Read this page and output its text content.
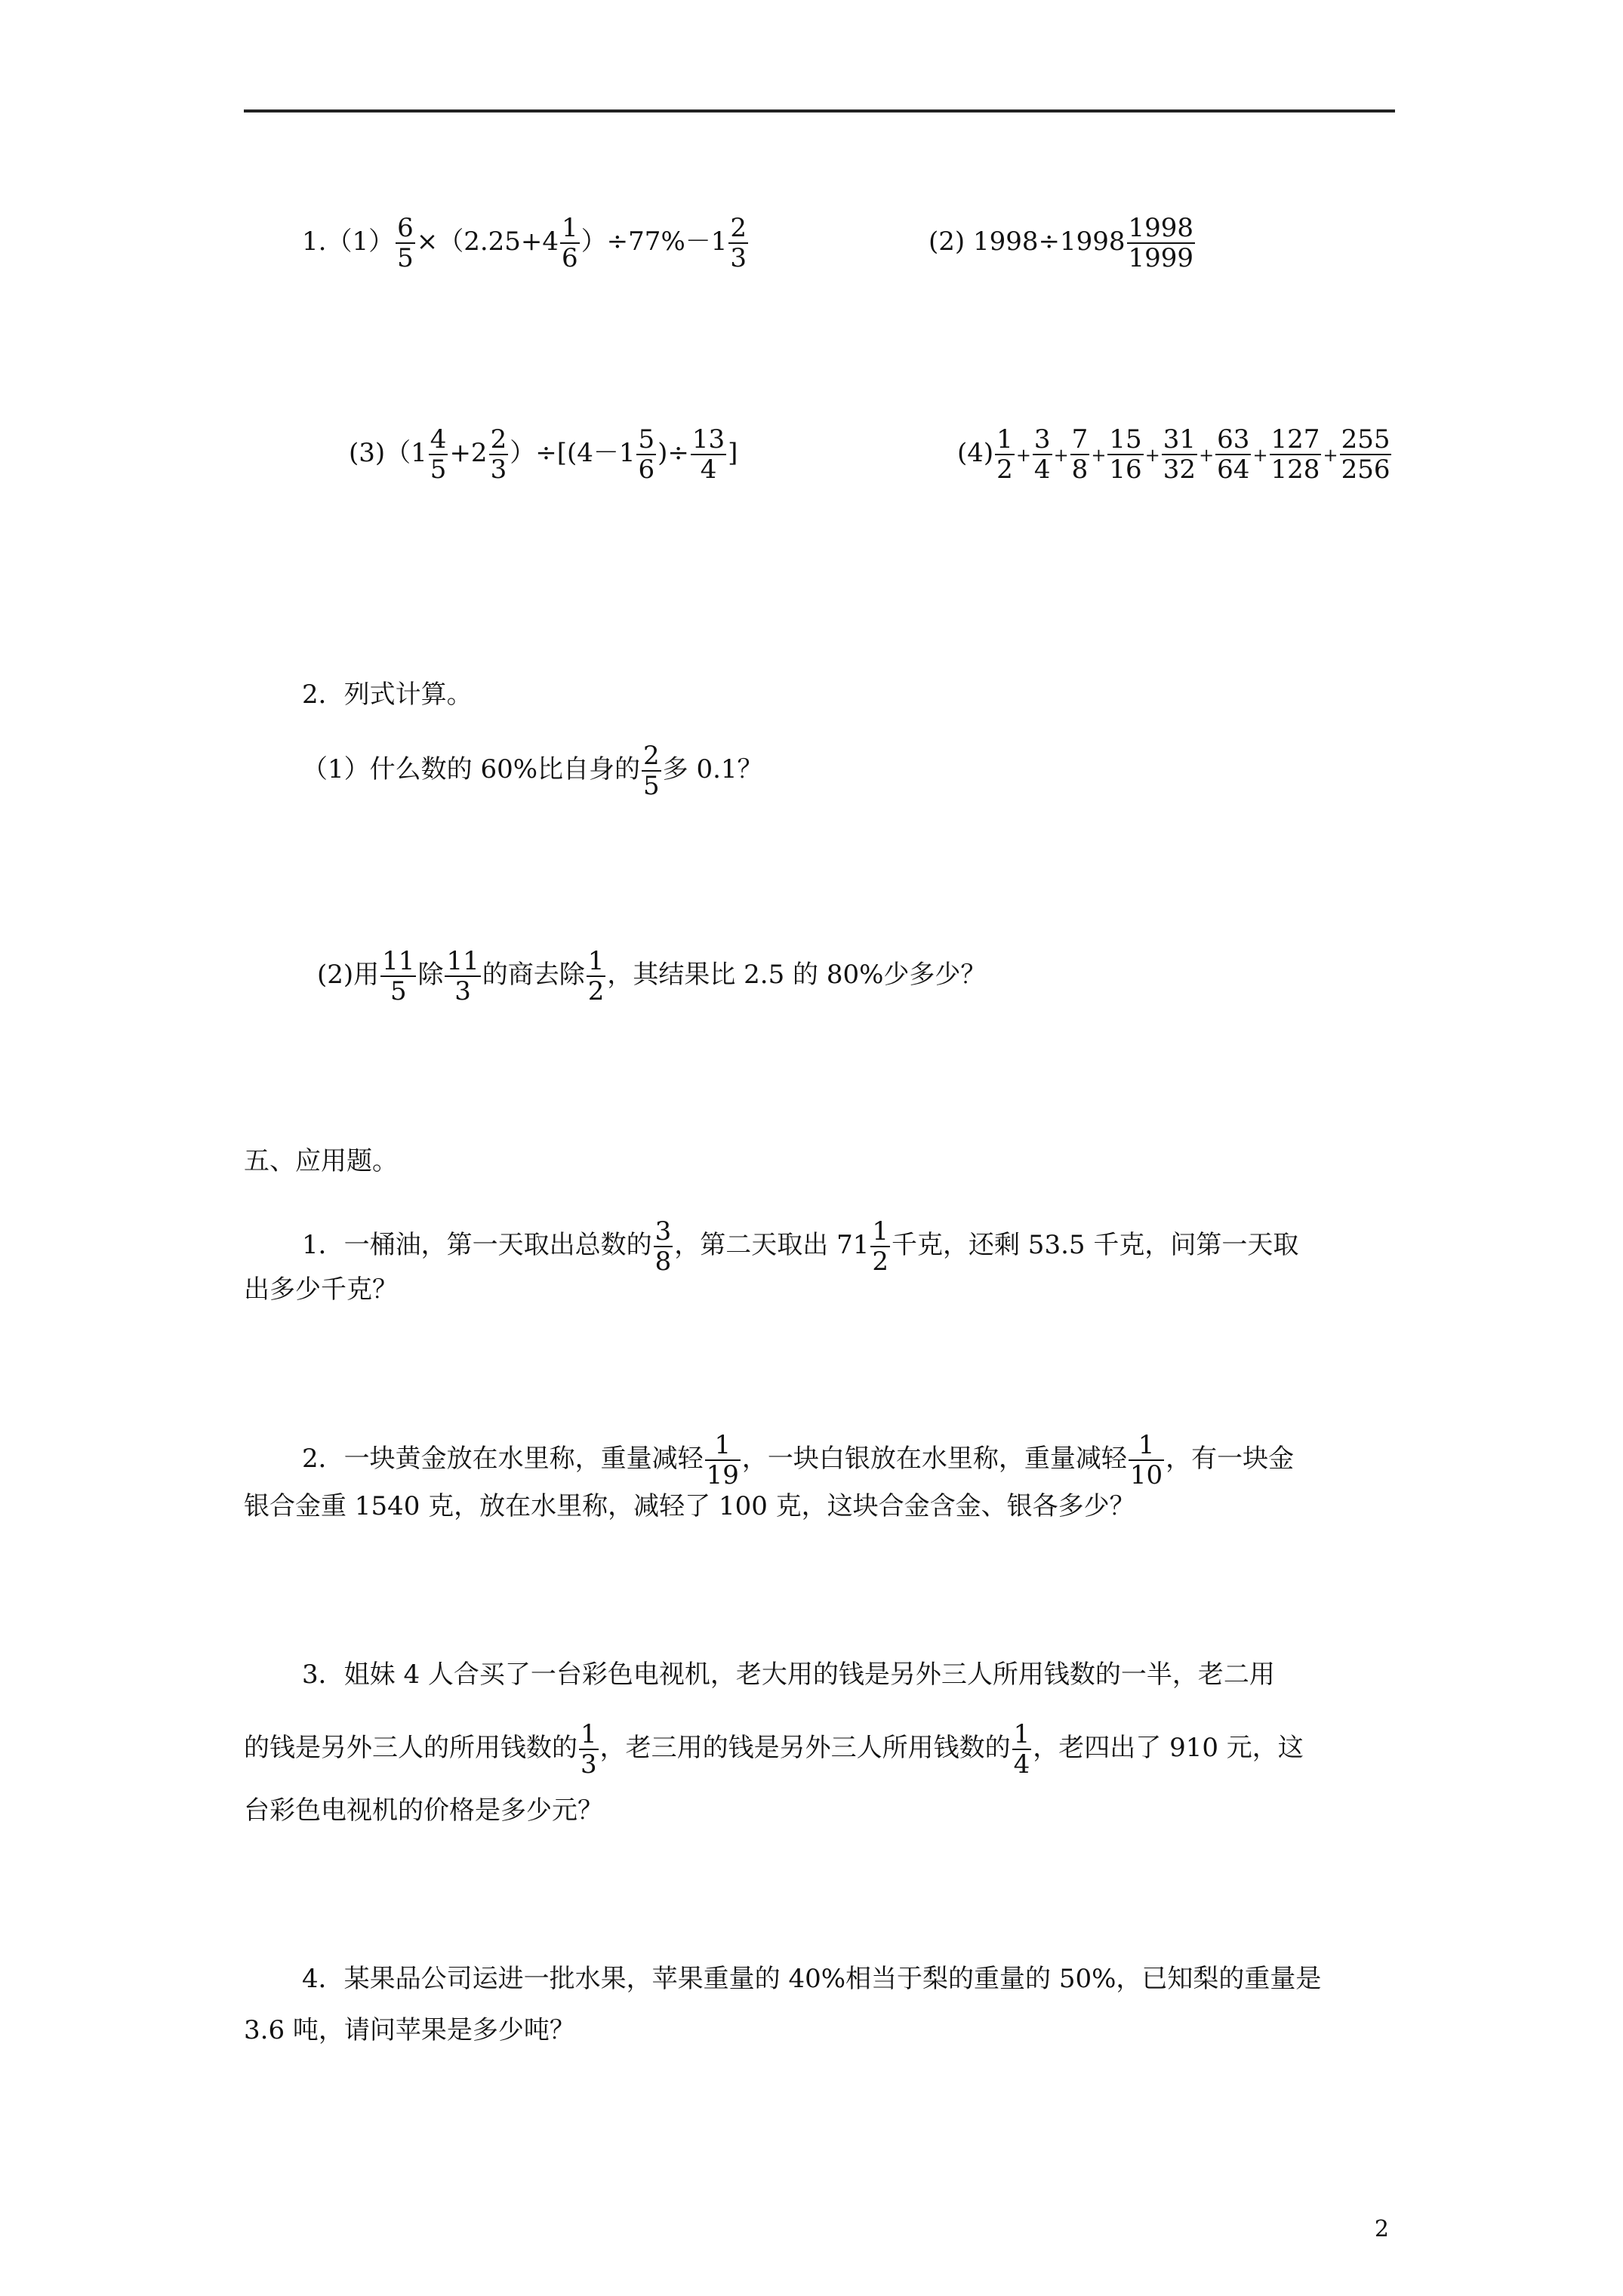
$1.(1) \frac{6}{5} \times(2.25+4 \frac{1}{6} )\div 77\%-1 \frac{2}{3}$	(2) $1998\div 1998 \frac{1998}{1999}$
$(3)(1 \frac{4}{5} +2 \frac{2}{3} )\div[(4-1 \frac{5}{6}$ )÷ $\frac{13}{4}$ ]	$(4) \frac{1}{2} + \frac{3}{4} + \frac{7}{8} + \frac{15}{16} + \frac{31}{32} + \frac{63}{64} + \frac{127}{128} + \frac{255}{256}$
2．列式计算。
（1）什么数的 60%比自身的 $\frac{2}{5}$ 多 0.1？
(2)用 $\frac{11}{5}$ 除 $\frac{11}{3}$ 的商去除 $\frac{1}{2}$ ，其结果比 2.5 的 80%少多少？
五、应用题。
1．一桶油，第一天取出总数的 $\frac{3}{8}$ ，第二天取出 $71 \frac{1}{2}$ 千克，还剩 53.5 千克，问第一天取
出多少千克？
2．一块黄金放在水里称，重量减轻 $\frac{1}{19}$ ，一块白银放在水里称，重量减轻 $\frac{1}{10}$ ，有一块金
银合金重 1540 克，放在水里称，减轻了 100 克，这块合金含金、银各多少？
3．姐妹 4 人合买了一台彩色电视机，老大用的钱是另外三人所用钱数的一半，老二用
的钱是另外三人的所用钱数的 $\frac{1}{3}$ ，老三用的钱是另外三人所用钱数的 $\frac{1}{4}$ ，老四出了 910 元，这
台彩色电视机的价格是多少元？
4．某果品公司运进一批水果，苹果重量的 40%相当于梨的重量的 50%，已知梨的重量是
3.6 吨，请问苹果是多少吨？
2
